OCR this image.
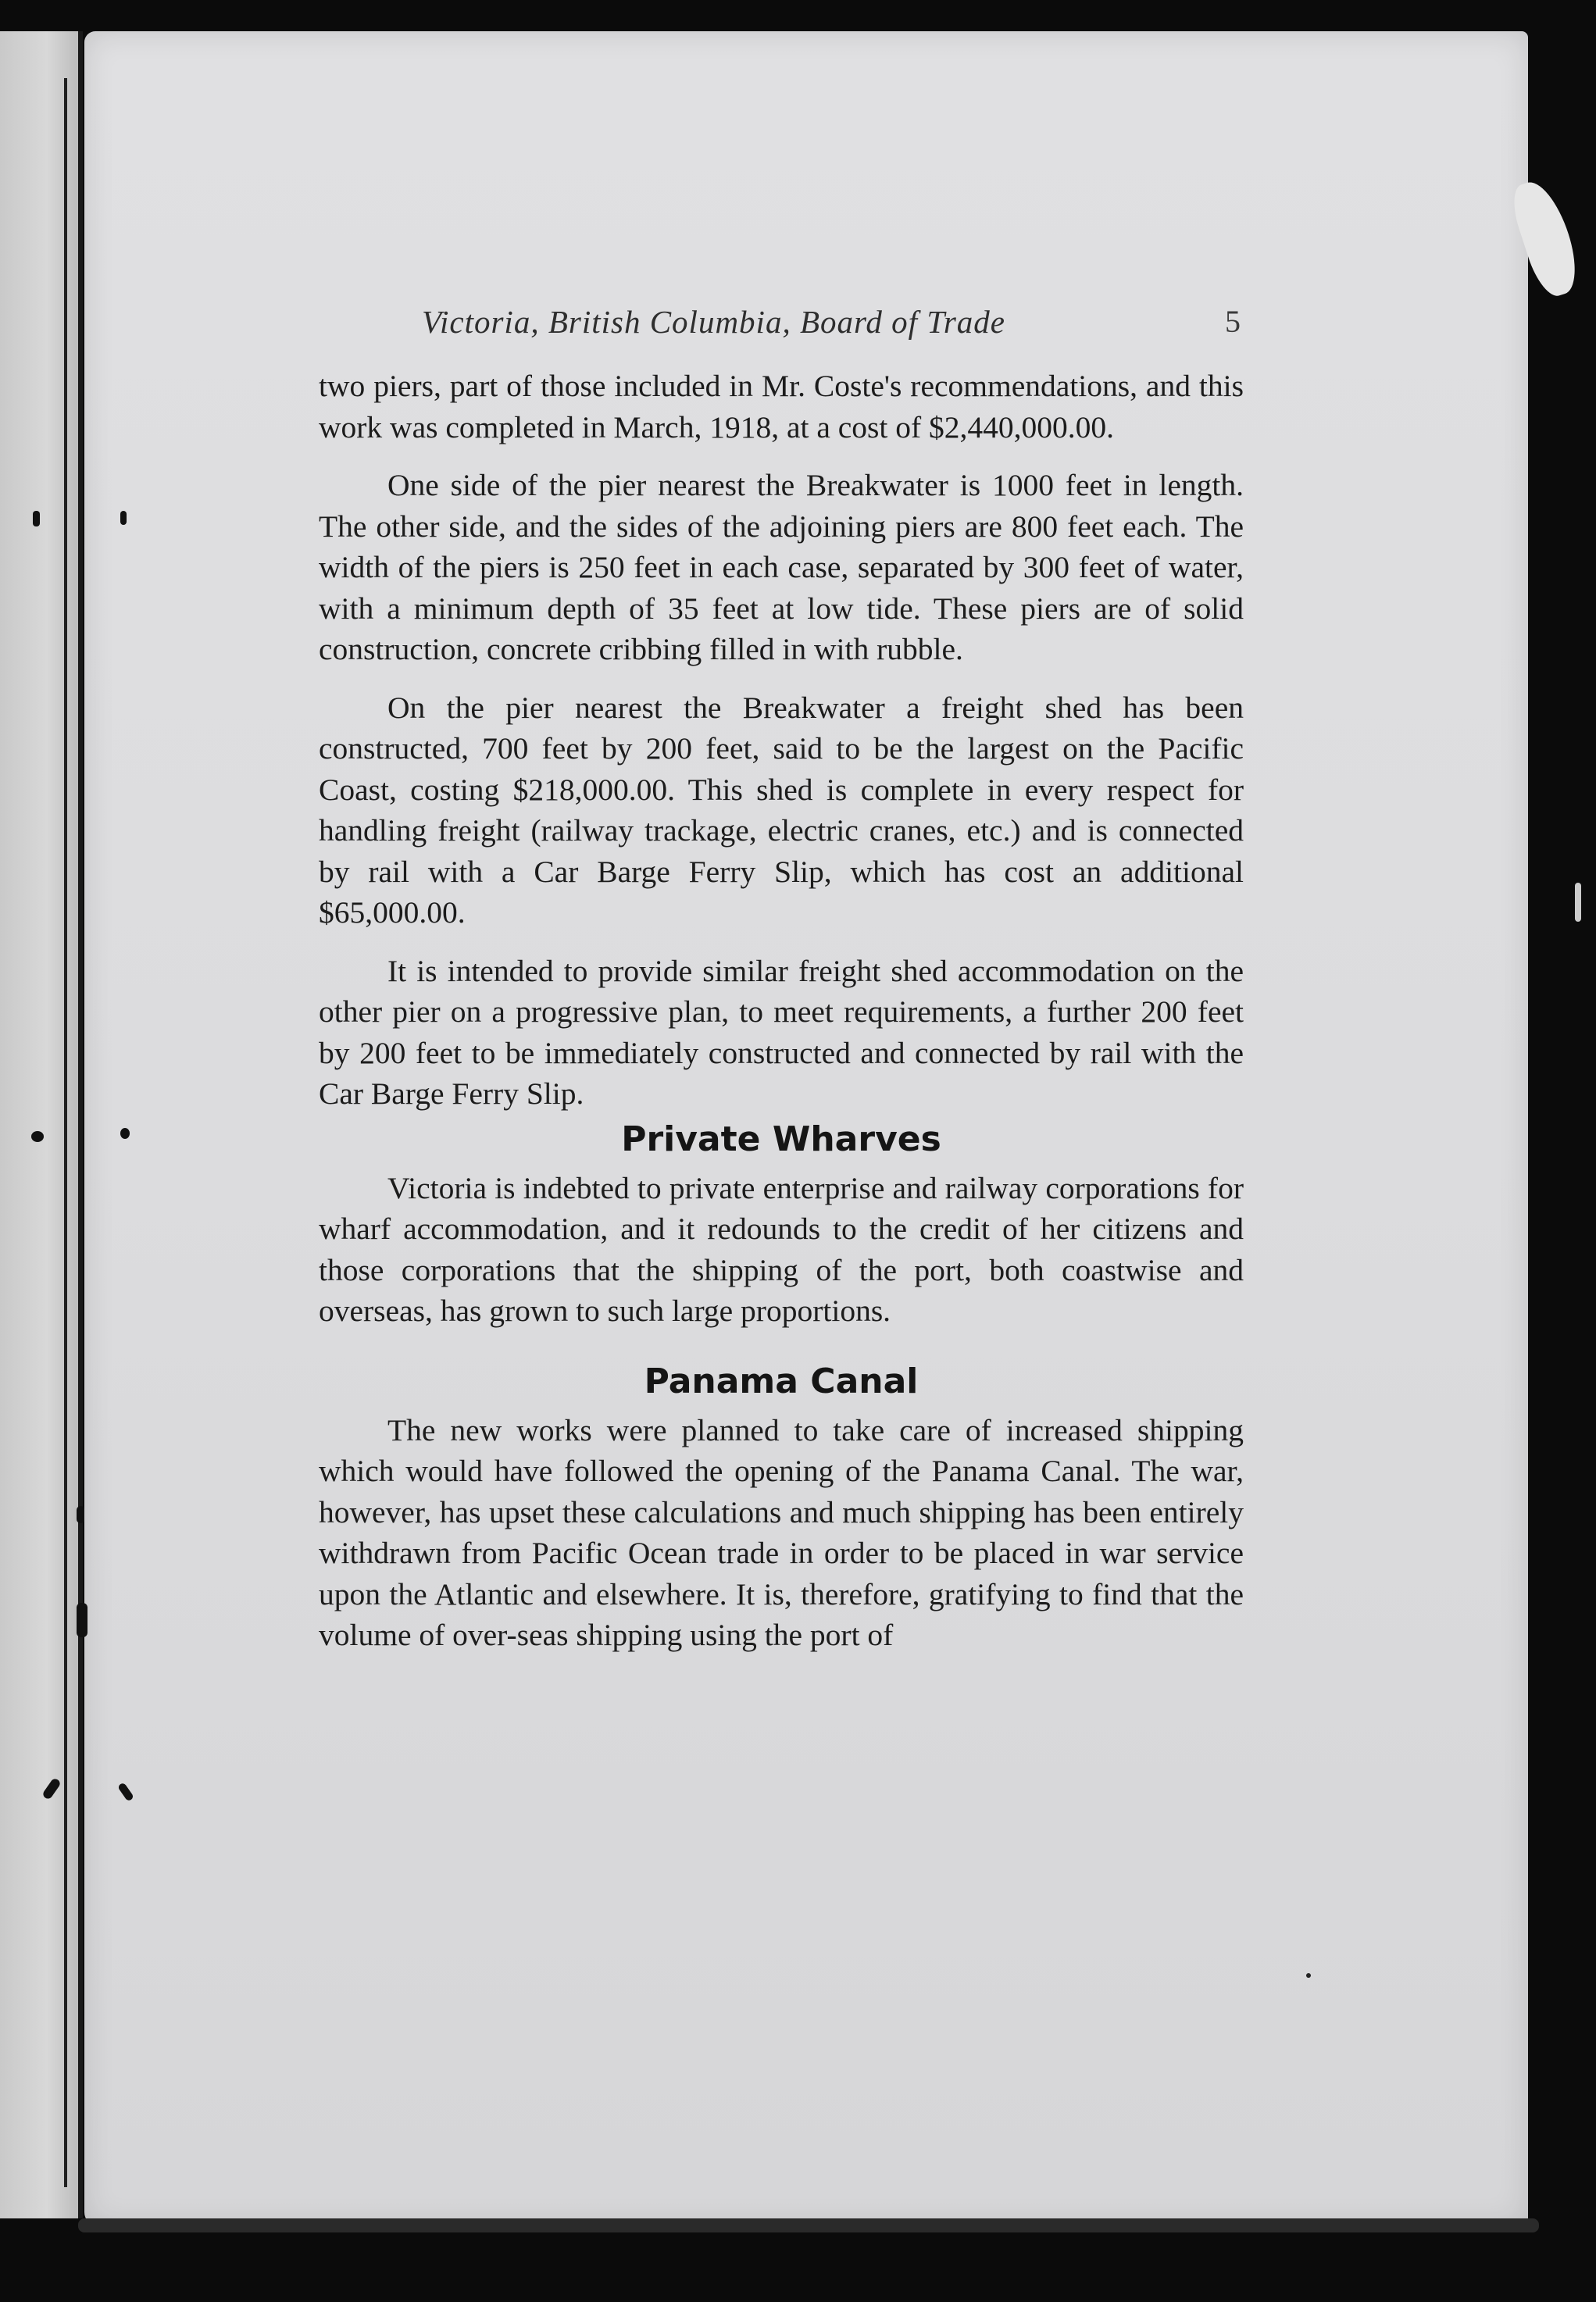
Victoria, British Columbia, Board of Trade	5

two piers, part of those included in Mr. Coste's recommendations, and this work was completed in March, 1918, at a cost of $2,440,000.00.

One side of the pier nearest the Breakwater is 1000 feet in length. The other side, and the sides of the adjoining piers are 800 feet each. The width of the piers is 250 feet in each case, separated by 300 feet of water, with a minimum depth of 35 feet at low tide. These piers are of solid construction, concrete cribbing filled in with rubble.

On the pier nearest the Breakwater a freight shed has been constructed, 700 feet by 200 feet, said to be the largest on the Pacific Coast, costing $218,000.00. This shed is complete in every respect for handling freight (railway trackage, electric cranes, etc.) and is connected by rail with a Car Barge Ferry Slip, which has cost an additional $65,000.00.

It is intended to provide similar freight shed accommodation on the other pier on a progressive plan, to meet requirements, a further 200 feet by 200 feet to be immediately constructed and connected by rail with the Car Barge Ferry Slip.

Private Wharves

Victoria is indebted to private enterprise and railway corporations for wharf accommodation, and it redounds to the credit of her citizens and those corporations that the shipping of the port, both coastwise and overseas, has grown to such large proportions.

Panama Canal

The new works were planned to take care of increased shipping which would have followed the opening of the Panama Canal. The war, however, has upset these calculations and much shipping has been entirely withdrawn from Pacific Ocean trade in order to be placed in war service upon the Atlantic and elsewhere. It is, therefore, gratifying to find that the volume of over-seas shipping using the port of
